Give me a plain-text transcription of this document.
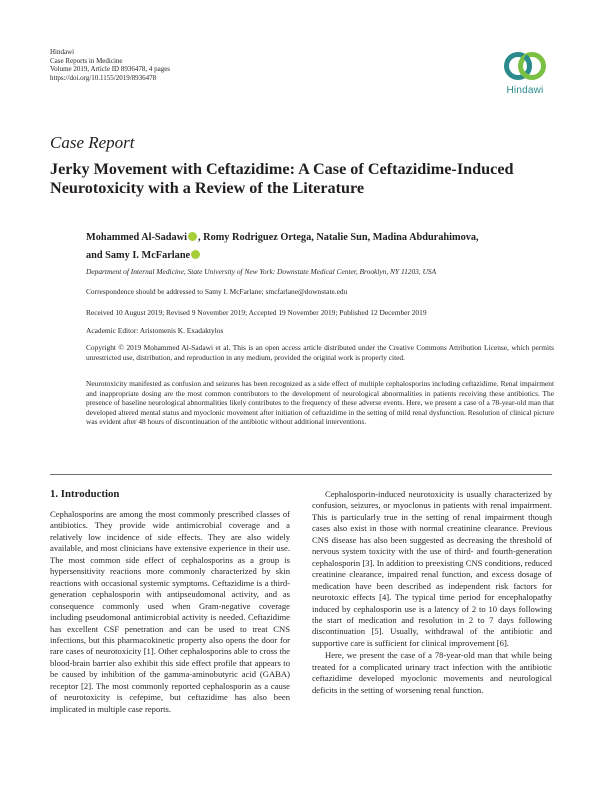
Hindawi
Case Reports in Medicine
Volume 2019, Article ID 8936478, 4 pages
https://doi.org/10.1155/2019/8936478
Hindawi
Case Report
Jerky Movement with Ceftazidime: A Case of Ceftazidime-Induced Neurotoxicity with a Review of the Literature
Mohammed Al-Sadawi , Romy Rodriguez Ortega, Natalie Sun, Madina Abdurahimova,
and Samy I. McFarlane
Department of Internal Medicine, State University of New York: Downstate Medical Center, Brooklyn, NY 11203, USA
Correspondence should be addressed to Samy I. McFarlane; smcfarlane@downstate.edu
Received 10 August 2019; Revised 9 November 2019; Accepted 19 November 2019; Published 12 December 2019
Academic Editor: Aristomenis K. Exadaktylos
Copyright © 2019 Mohammed Al-Sadawi et al. This is an open access article distributed under the Creative Commons Attribution License, which permits unrestricted use, distribution, and reproduction in any medium, provided the original work is properly cited.
Neurotoxicity manifested as confusion and seizures has been recognized as a side effect of multiple cephalosporins including ceftazidime. Renal impairment and inappropriate dosing are the most common contributors to the development of neurological abnormalities in patients receiving these antibiotics. The presence of baseline neurological abnormalities likely contributes to the frequency of these adverse events. Here, we present a case of a 78-year-old man that developed altered mental status and myoclonic movement after initiation of ceftazidime in the setting of mild renal dysfunction. Resolution of clinical picture was evident after 48 hours of discontinuation of the antibiotic without additional interventions.
1. Introduction

Cephalosporins are among the most commonly prescribed classes of antibiotics. They provide wide antimicrobial coverage and a relatively low incidence of side effects. They are also widely available, and most clinicians have extensive experience in their use. The most common side effect of cephalosporins as a group is hypersensitivity reactions more commonly characterized by skin reactions with occasional systemic symptoms. Ceftazidime is a third-generation cephalosporin with antipseudomonal activity, and as consequence commonly used when Gram-negative coverage including pseudomonal antimicrobial activity is needed. Ceftazidime has excellent CSF penetration and can be used to treat CNS infections, but this pharmacokinetic property also opens the door for rare cases of neurotoxicity [1]. Other cephalosporins able to cross the blood-brain barrier also exhibit this side effect profile that appears to be caused by inhibition of the gamma-aminobutyric acid (GABA) receptor [2]. The most commonly reported cephalosporin as a cause of neurotoxicity is cefepime, but ceftazidime has also been implicated in multiple case reports.

Cephalosporin-induced neurotoxicity is usually characterized by confusion, seizures, or myoclonus in patients with renal impairment. This is particularly true in the setting of renal impairment though cases also exist in those with normal creatinine clearance. Previous CNS disease has also been suggested as decreasing the threshold of nervous system toxicity with the use of third- and fourth-generation cephalosporin [3]. In addition to preexisting CNS conditions, reduced creatinine clearance, impaired renal function, and excess dosage of medication have been described as independent risk factors for neurotoxic effects [4]. The typical time period for encephalopathy induced by cephalosporin use is a latency of 2 to 10 days following the start of medication and resolution in 2 to 7 days following discontinuation [5]. Usually, withdrawal of the antibiotic and supportive care is sufficient for clinical improvement [6].

Here, we present the case of a 78-year-old man that while being treated for a complicated urinary tract infection with the antibiotic ceftazidime developed myoclonic movements and neurological deficits in the setting of worsening renal function.
